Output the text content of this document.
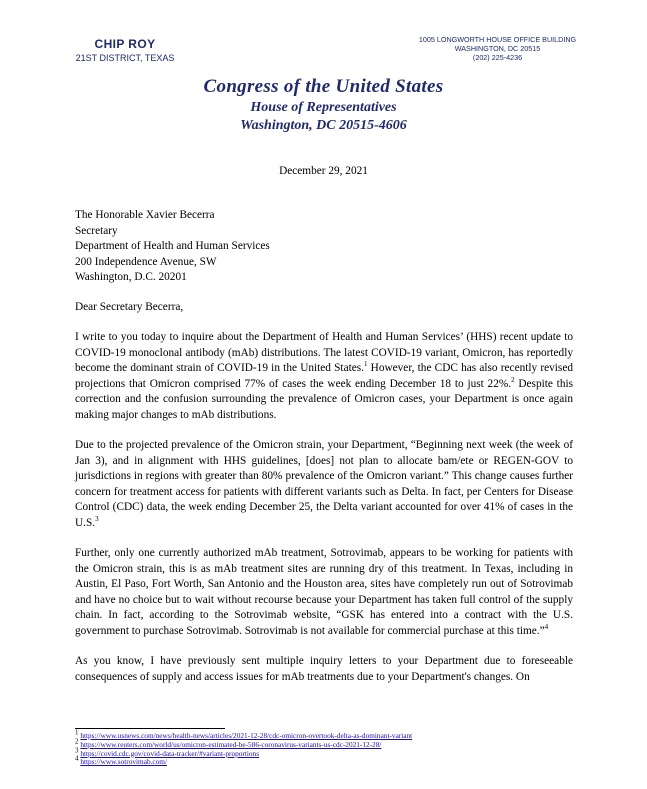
CHIP ROY
21ST DISTRICT, TEXAS
1005 LONGWORTH HOUSE OFFICE BUILDING
WASHINGTON, DC 20515
(202) 225-4236
Congress of the United States
House of Representatives
Washington, DC 20515-4606
December 29, 2021
The Honorable Xavier Becerra
Secretary
Department of Health and Human Services
200 Independence Avenue, SW
Washington, D.C. 20201
Dear Secretary Becerra,
I write to you today to inquire about the Department of Health and Human Services’ (HHS) recent update to COVID-19 monoclonal antibody (mAb) distributions. The latest COVID-19 variant, Omicron, has reportedly become the dominant strain of COVID-19 in the United States.$^1$ However, the CDC has also recently revised projections that Omicron comprised 77% of cases the week ending December 18 to just 22%.$^2$ Despite this correction and the confusion surrounding the prevalence of Omicron cases, your Department is once again making major changes to mAb distributions.
Due to the projected prevalence of the Omicron strain, your Department, “Beginning next week (the week of Jan 3), and in alignment with HHS guidelines, [does] not plan to allocate bam/ete or REGEN-GOV to jurisdictions in regions with greater than 80% prevalence of the Omicron variant.” This change causes further concern for treatment access for patients with different variants such as Delta. In fact, per Centers for Disease Control (CDC) data, the week ending December 25, the Delta variant accounted for over 41% of cases in the U.S.$^3$
Further, only one currently authorized mAb treatment, Sotrovimab, appears to be working for patients with the Omicron strain, this is as mAb treatment sites are running dry of this treatment. In Texas, including in Austin, El Paso, Fort Worth, San Antonio and the Houston area, sites have completely run out of Sotrovimab and have no choice but to wait without recourse because your Department has taken full control of the supply chain. In fact, according to the Sotrovimab website, “GSK has entered into a contract with the U.S. government to purchase Sotrovimab. Sotrovimab is not available for commercial purchase at this time.”$^4$
As you know, I have previously sent multiple inquiry letters to your Department due to foreseeable consequences of supply and access issues for mAb treatments due to your Department's changes. On
$^1$ https://www.usnews.com/news/health-news/articles/2021-12-28/cdc-omicron-overtook-delta-as-dominant-variant
$^2$ https://www.reuters.com/world/us/omicron-estimated-be-586-coronavirus-variants-us-cdc-2021-12-28/
$^3$ https://covid.cdc.gov/covid-data-tracker/#variant-proportions
$^4$ https://www.sotrovimab.com/
